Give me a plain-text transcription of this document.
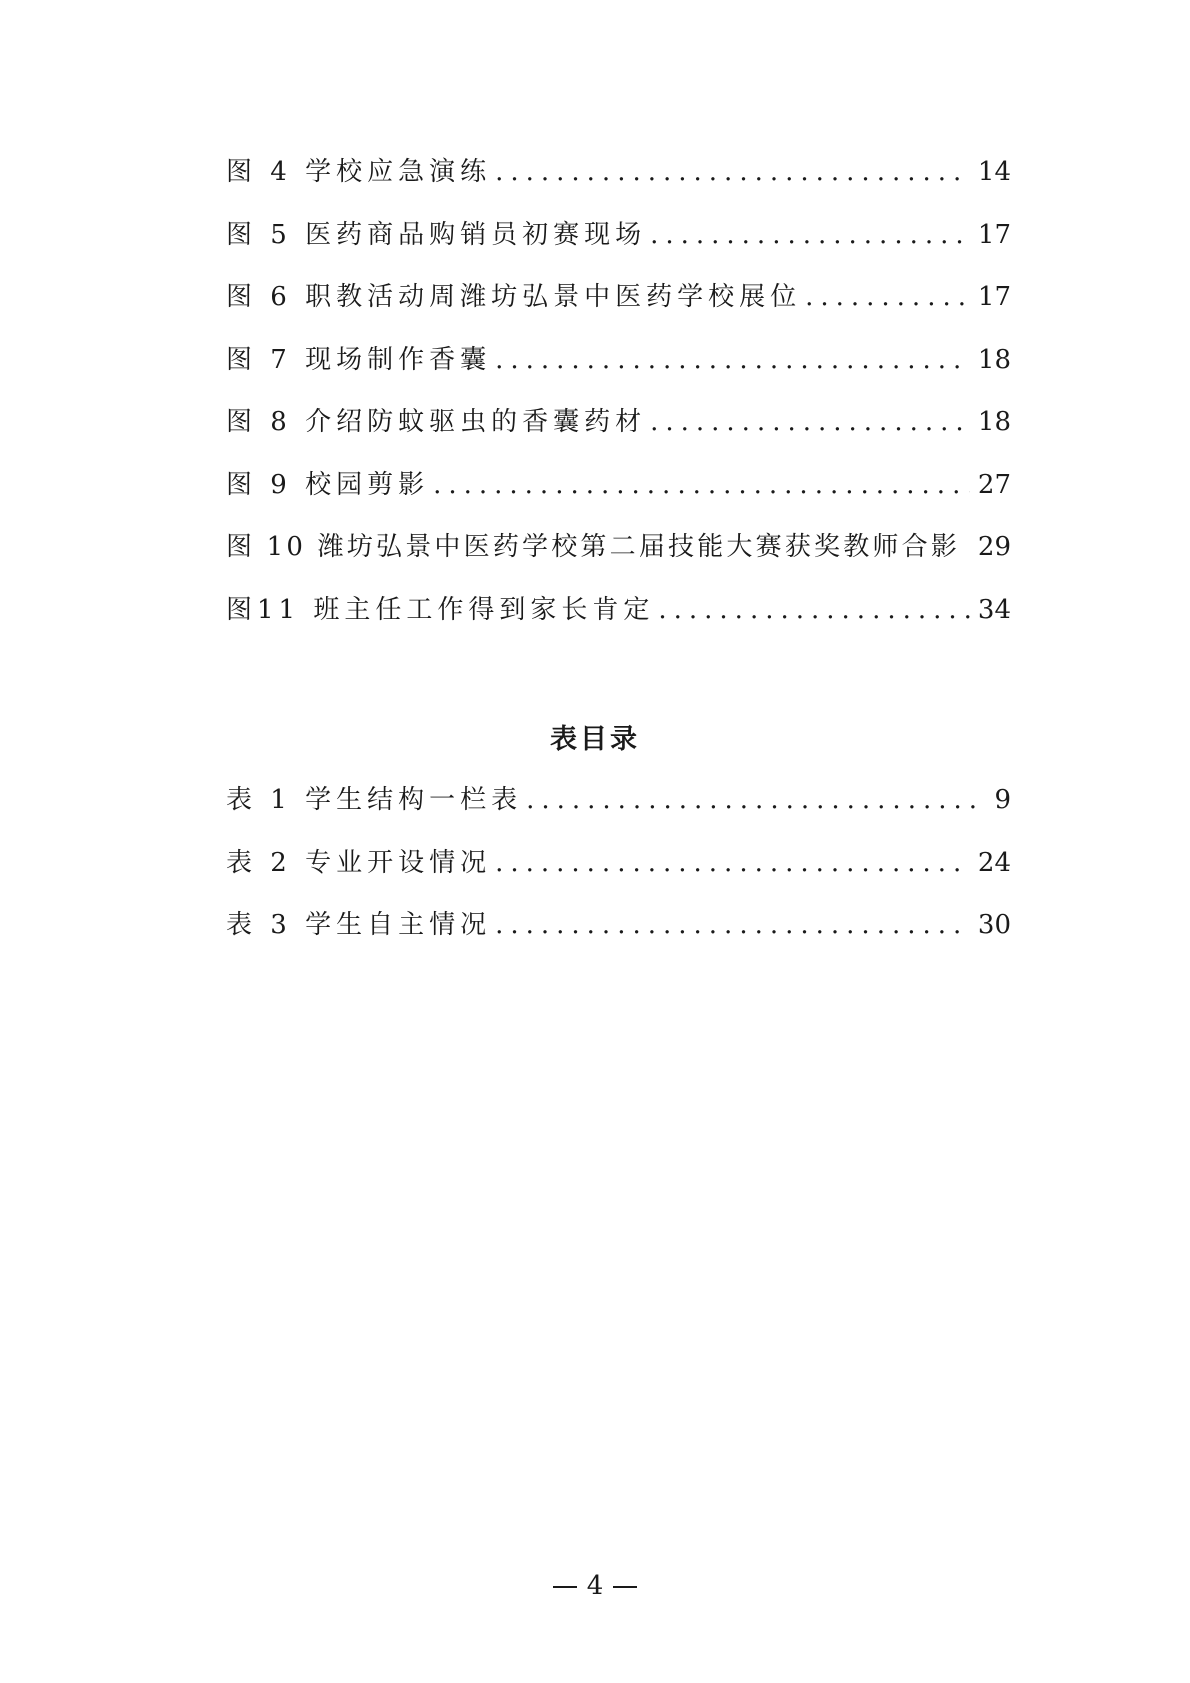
图 4 学校应急演练 .....	14
图 5 医药商品购销员初赛现场 .....	17
图 6 职教活动周潍坊弘景中医药学校展位 .....	17
图 7 现场制作香囊 .....	18
图 8 介绍防蚊驱虫的香囊药材 .....	18
图 9 校园剪影 .....	27
图 10 潍坊弘景中医药学校第二届技能大赛获奖教师合影 29
图11 班主任工作得到家长肯定 .....	34
表目录
表 1 学生结构一栏表 .....	9
表 2 专业开设情况 .....	24
表 3 学生自主情况 .....	30
4
